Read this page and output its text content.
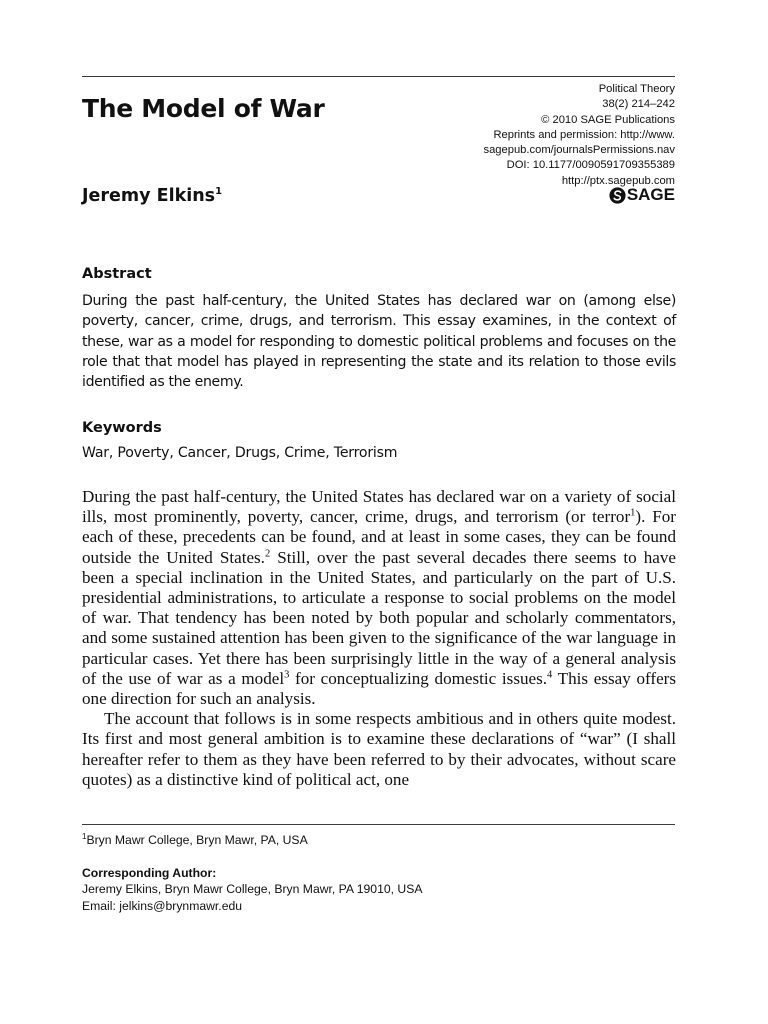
The Model of War
Political Theory
38(2) 214–242
© 2010 SAGE Publications
Reprints and permission: http://www.
sagepub.com/journalsPermissions.nav
DOI: 10.1177/0090591709355389
http://ptx.sagepub.com
SAGE
Jeremy Elkins$^1$
Abstract

During the past half-century, the United States has declared war on (among else) poverty, cancer, crime, drugs, and terrorism. This essay examines, in the context of these, war as a model for responding to domestic political problems and focuses on the role that that model has played in representing the state and its relation to those evils identified as the enemy.

Keywords

War, Poverty, Cancer, Drugs, Crime, Terrorism

During the past half-century, the United States has declared war on a variety of social ills, most prominently, poverty, cancer, crime, drugs, and terrorism (or terror$^1$). For each of these, precedents can be found, and at least in some cases, they can be found outside the United States.$^2$ Still, over the past several decades there seems to have been a special inclination in the United States, and particularly on the part of U.S. presidential administrations, to articulate a response to social problems on the model of war. That tendency has been noted by both popular and scholarly commentators, and some sustained attention has been given to the significance of the war language in particular cases. Yet there has been surprisingly little in the way of a general analysis of the use of war as a model$^3$ for conceptualizing domestic issues.$^4$ This essay offers one direction for such an analysis.

The account that follows is in some respects ambitious and in others quite modest. Its first and most general ambition is to examine these declarations of “war” (I shall hereafter refer to them as they have been referred to by their advocates, without scare quotes) as a distinctive kind of political act, one

$^1$Bryn Mawr College, Bryn Mawr, PA, USA
Corresponding Author:
Jeremy Elkins, Bryn Mawr College, Bryn Mawr, PA 19010, USA
Email: jelkins@brynmawr.edu
